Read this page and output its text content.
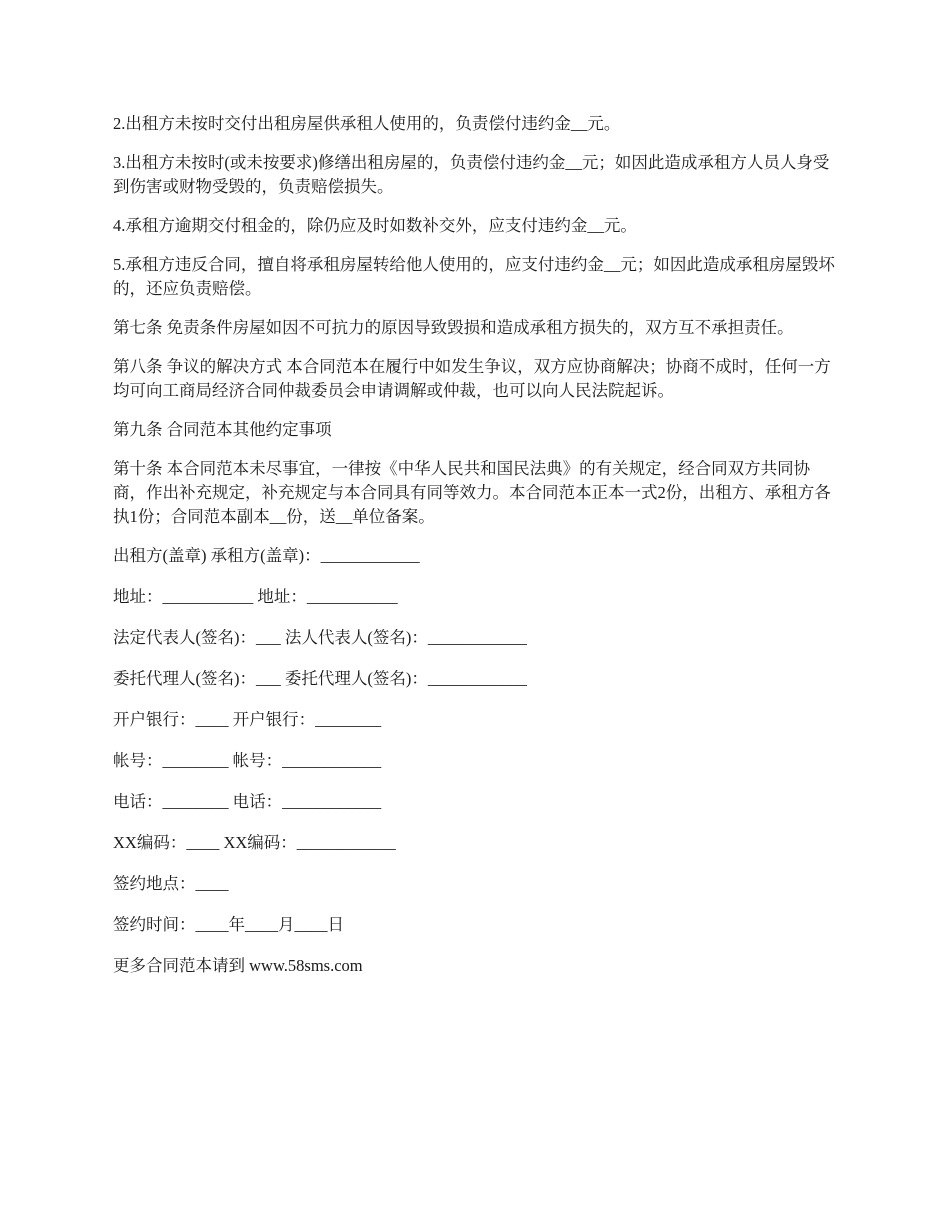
2.出租方未按时交付出租房屋供承租人使用的，负责偿付违约金__元。

3.出租方未按时(或未按要求)修缮出租房屋的，负责偿付违约金__元；如因此造成承租方人员人身受到伤害或财物受毁的，负责赔偿损失。

4.承租方逾期交付租金的，除仍应及时如数补交外，应支付违约金__元。

5.承租方违反合同，擅自将承租房屋转给他人使用的，应支付违约金__元；如因此造成承租房屋毁坏的，还应负责赔偿。

第七条 免责条件房屋如因不可抗力的原因导致毁损和造成承租方损失的，双方互不承担责任。

第八条 争议的解决方式 本合同范本在履行中如发生争议，双方应协商解决；协商不成时，任何一方均可向工商局经济合同仲裁委员会申请调解或仲裁，也可以向人民法院起诉。

第九条 合同范本其他约定事项

第十条 本合同范本未尽事宜，一律按《中华人民共和国民法典》的有关规定，经合同双方共同协商，作出补充规定，补充规定与本合同具有同等效力。本合同范本正本一式2份，出租方、承租方各执1份；合同范本副本__份，送__单位备案。

出租方(盖章) 承租方(盖章)：____________

地址：___________ 地址：___________

法定代表人(签名)：___ 法人代表人(签名)：____________

委托代理人(签名)：___ 委托代理人(签名)：____________

开户银行：____ 开户银行：________

帐号：________ 帐号：____________

电话：________ 电话：____________

XX编码：____ XX编码：____________

签约地点：____

签约时间：____年____月____日

更多合同范本请到 www.58sms.com
